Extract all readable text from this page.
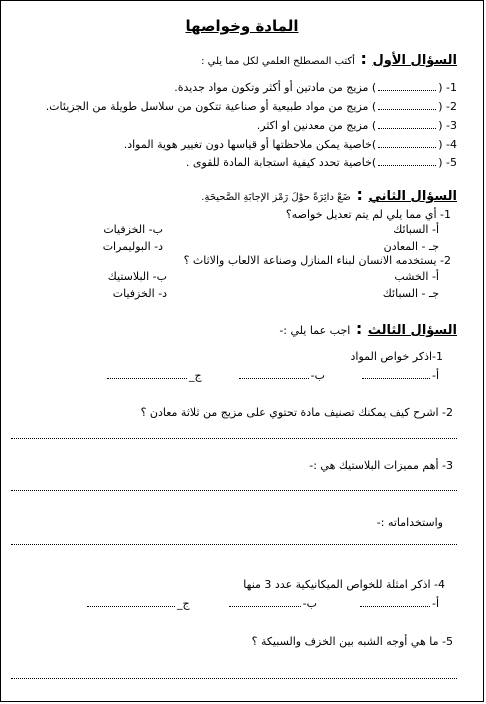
المادة وخواصها
السؤال الأول : أكتب المصطلح العلمي لكل مما يلي :
1- () مزيج من مادتين أو أكثر وتكون مواد جديدة.
2- () مزيج من مواد طبيعية أو صناعية تتكون من سلاسل طويلة من الجزيئات.
3- () مزيج من معدنين او اكثر.
4- ()خاصية يمكن ملاحظتها أو قياسها دون تغيير هوية المواد.
5- ()خاصية تحدد كيفية استجابة المادة للقوى .
السؤال الثاني : ضَعْ دائِرَةً حوْلَ رَمْز الإجابَةِ الصَّحيحَةِ.
1- أي مما يلي لم يتم تعديل خواصه؟
أ- السبائك
ب- الخزفيات
جـ - المعادن
د- البوليمرات
2- يستخدمه الانسان لبناء المنازل وصناعة الالعاب والاثاث ؟
أ- الخشب
ب- البلاستيك
جـ - السبائك
د- الخزفيات
السؤال الثالث : اجب عما يلي :-
1-اذكر خواص المواد
أ-  ب-  ج_
2- اشرح كيف يمكنك تصنيف مادة تحتوي على مزيج من ثلاثة معادن ؟
3- أهم مميزات البلاستيك هي :-
واستخداماته :-
4- اذكر امثلة للخواص الميكانيكية عدد 3 منها
أ-  ب-  ج_
5- ما هي أوجه الشبه بين الخزف والسبيكة ؟
